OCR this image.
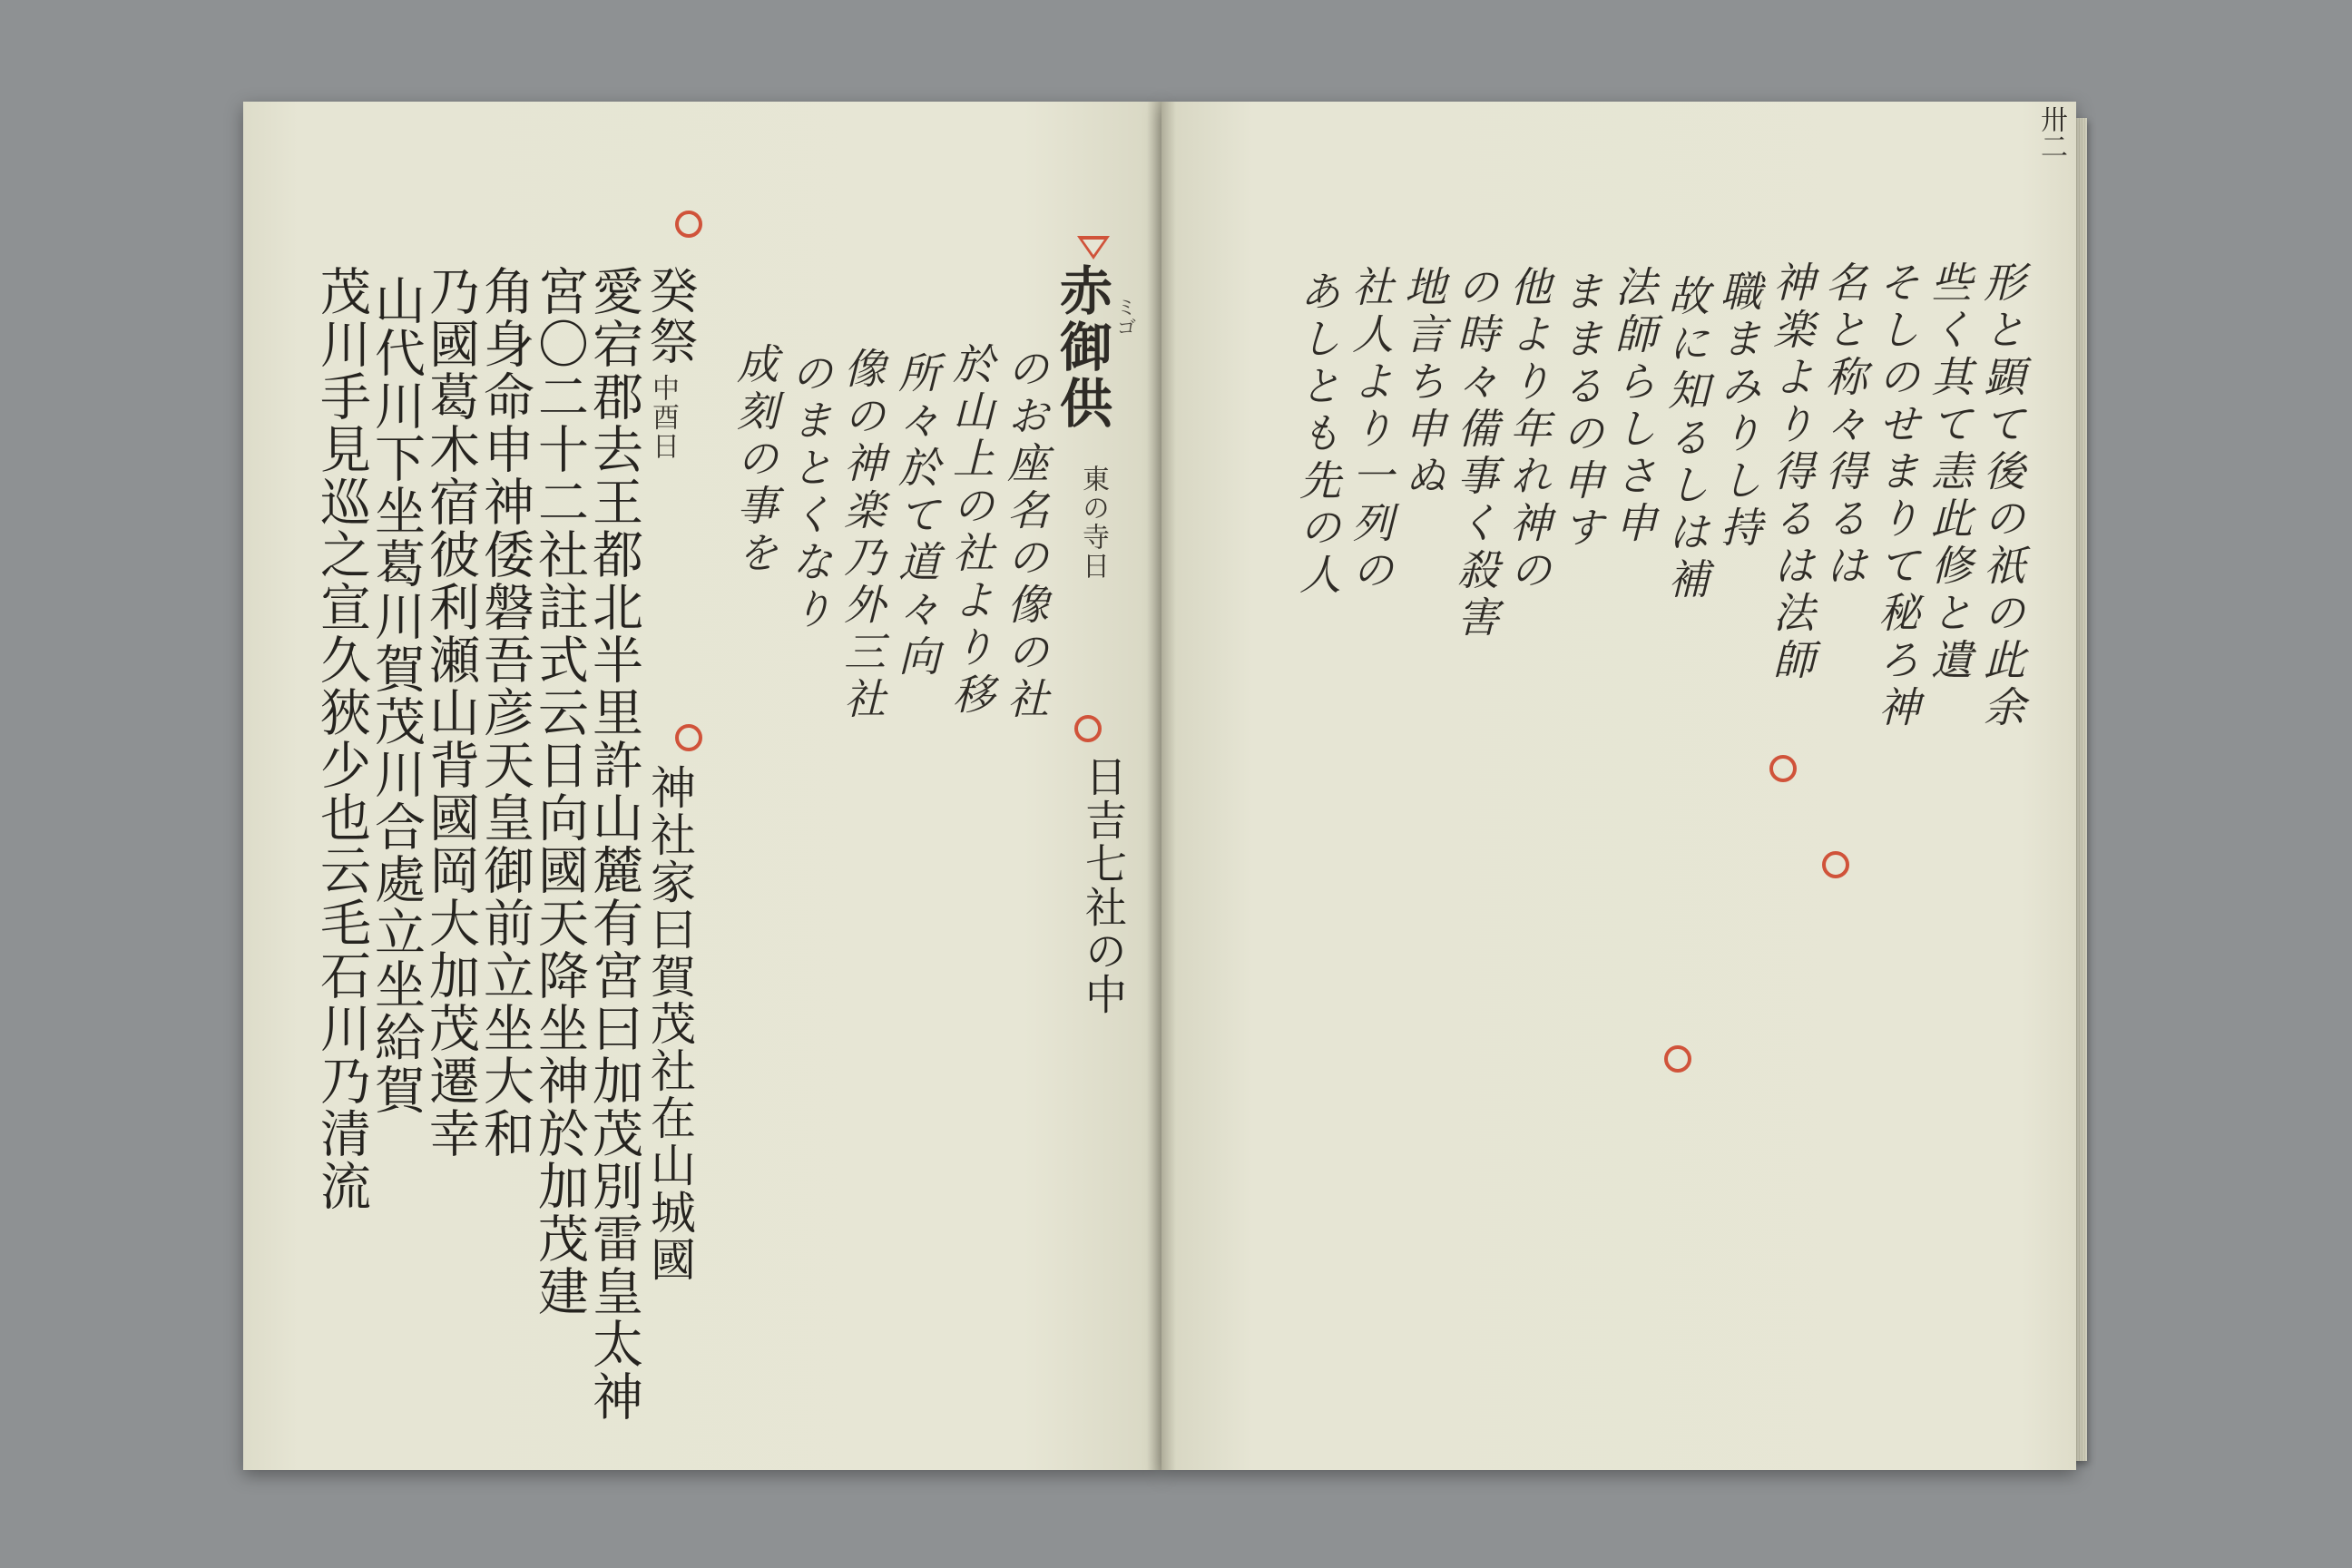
赤御供 ミゴ
東の寺日
のお座名の像の社
於山上の社より移
所々於て道々向
像の神楽乃外三社
のまとくなり
成刻の事を
癸祭
中酉日
神社家曰賀茂社在山城國
愛宕郡去王都北半里許山麓有宮曰加茂別雷皇太神
宮〇二十二社註式云日向國天降坐神於加茂建
角身命申神倭磐吾彦天皇御前立坐大和
乃國葛木宿彼利瀬山背國岡大加茂遷幸
山代川下坐葛川賀茂川合處立坐給賀
茂川手見巡之宣久狹少也云毛石川乃清流	日吉七社の中
卅二
形と顕て後の祇の此余
些く其て恚此修と遺
そしのせまりて秘ろ神
名と称々得るは
神楽より得るは法師
職まみりし持
故に知るしは補
法師らしさ申
ままるの申す
他より年れ神の
の時々備事く殺害
地言ち申ぬ
社人より一列の
あしとも先の人
